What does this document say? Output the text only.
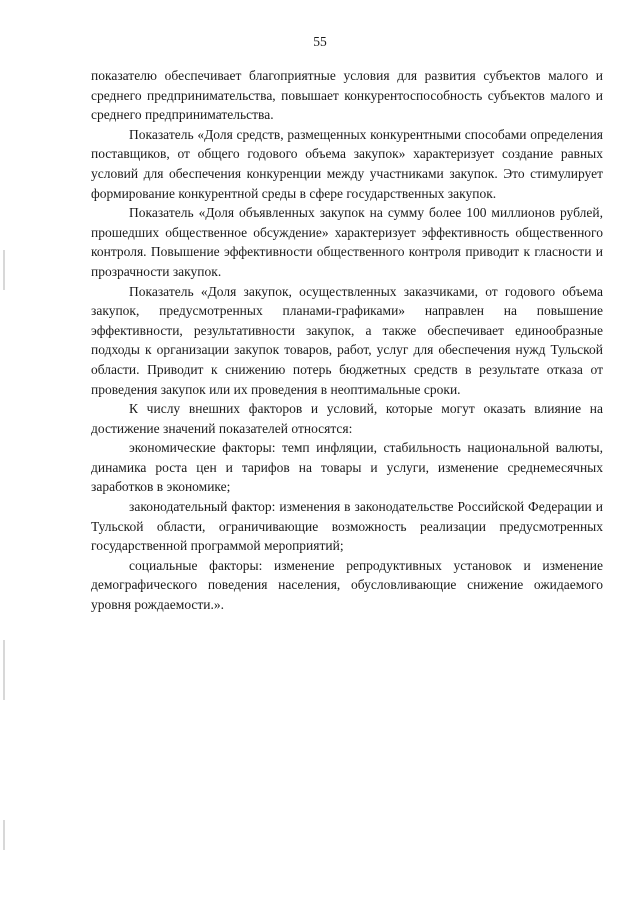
55

показателю обеспечивает благоприятные условия для развития субъектов малого и среднего предпринимательства, повышает конкурентоспособность субъектов малого и среднего предпринимательства.

Показатель «Доля средств, размещенных конкурентными способами определения поставщиков, от общего годового объема закупок» характеризует создание равных условий для обеспечения конкуренции между участниками закупок. Это стимулирует формирование конкурентной среды в сфере государственных закупок.

Показатель «Доля объявленных закупок на сумму более 100 миллионов рублей, прошедших общественное обсуждение» характеризует эффективность общественного контроля. Повышение эффективности общественного контроля приводит к гласности и прозрачности закупок.

Показатель «Доля закупок, осуществленных заказчиками, от годового объема закупок, предусмотренных планами-графиками» направлен на повышение эффективности, результативности закупок, а также обеспечивает единообразные подходы к организации закупок товаров, работ, услуг для обеспечения нужд Тульской области. Приводит к снижению потерь бюджетных средств в результате отказа от проведения закупок или их проведения в неоптимальные сроки.

К числу внешних факторов и условий, которые могут оказать влияние на достижение значений показателей относятся:

экономические факторы: темп инфляции, стабильность национальной валюты, динамика роста цен и тарифов на товары и услуги, изменение среднемесячных заработков в экономике;

законодательный фактор: изменения в законодательстве Российской Федерации и Тульской области, ограничивающие возможность реализации предусмотренных государственной программой мероприятий;

социальные факторы: изменение репродуктивных установок и изменение демографического поведения населения, обусловливающие снижение ожидаемого уровня рождаемости.».
